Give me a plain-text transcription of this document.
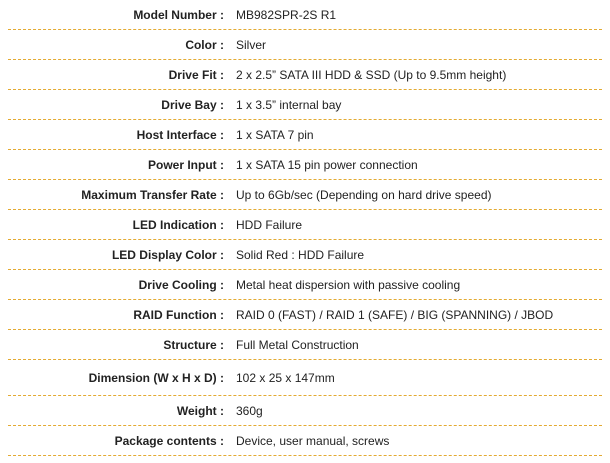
Model Number :	MB982SPR-2S R1
Color :	Silver
Drive Fit :	2 x 2.5” SATA III HDD & SSD (Up to 9.5mm height)
Drive Bay :	1 x 3.5” internal bay
Host Interface :	1 x SATA 7 pin
Power Input :	1 x SATA 15 pin power connection
Maximum Transfer Rate :	Up to 6Gb/sec (Depending on hard drive speed)
LED Indication :	HDD Failure
LED Display Color :	Solid Red : HDD Failure
Drive Cooling :	Metal heat dispersion with passive cooling
RAID Function :	RAID 0 (FAST) / RAID 1 (SAFE) / BIG (SPANNING) / JBOD
Structure :	Full Metal Construction
Dimension (W x H x D) :	102 x 25 x 147mm
Weight :	360g
Package contents :	Device, user manual, screws
